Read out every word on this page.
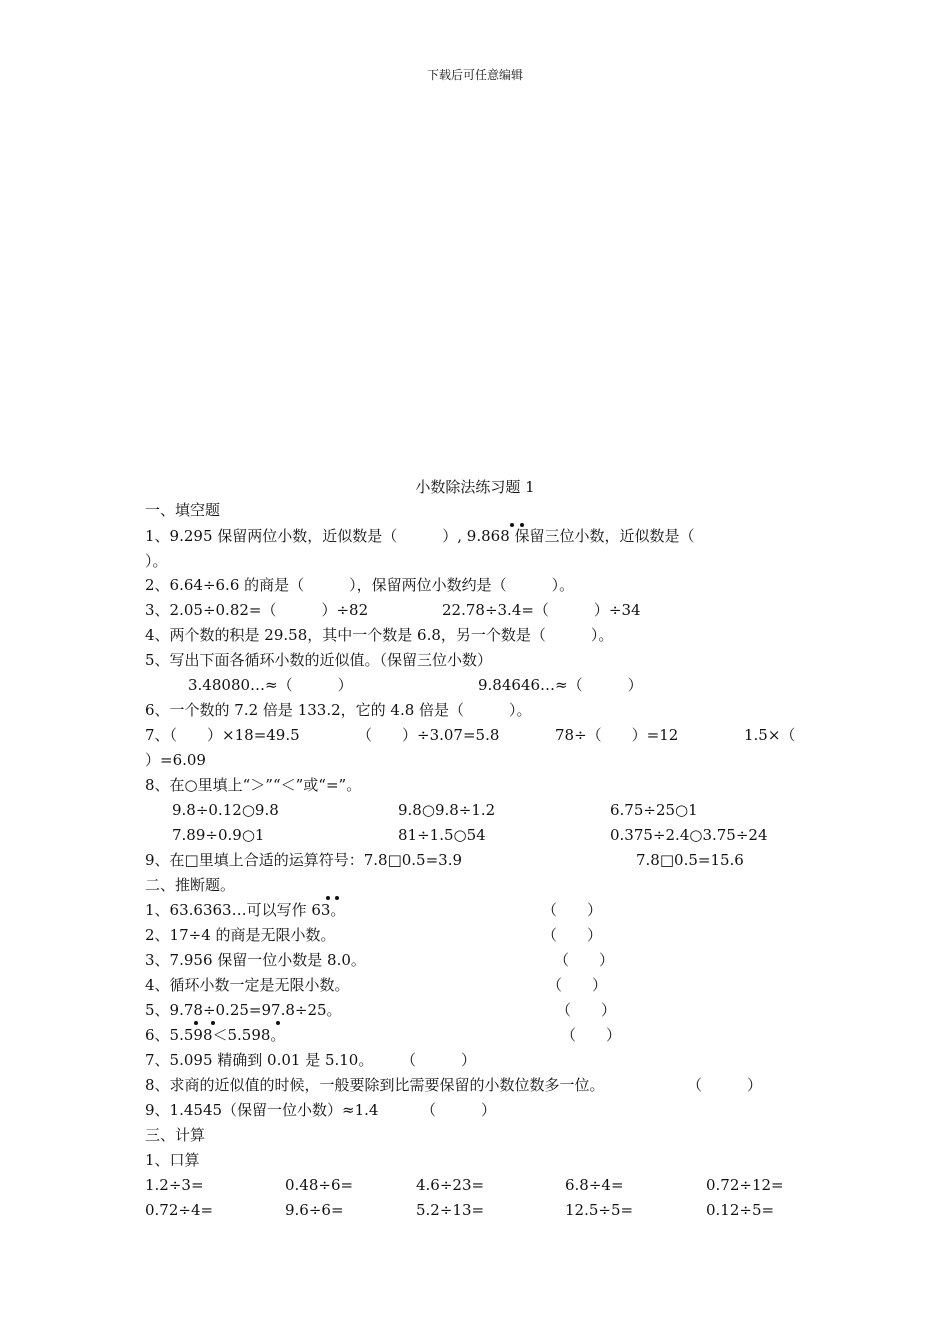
下载后可任意编辑
小数除法练习题 1
一、填空题
1、9.295 保留两位小数，近似数是（　　　）, 9.868 保留三位小数，近似数是（
）。
2、6.64÷6.6 的商是（　　　），保留两位小数约是（　　　）。
3、2.05÷0.82=（　　　）÷82	22.78÷3.4=（　　　）÷34
4、两个数的积是 29.58，其中一个数是 6.8，另一个数是（　　　）。
5、写出下面各循环小数的近似值。（保留三位小数）
3.48080…≈（　　　）	9.84646…≈（　　　）
6、一个数的 7.2 倍是 133.2，它的 4.8 倍是（　　　）。
7、（　　）×18=49.5	（　　）÷3.07=5.8	78÷（　　）=12	1.5×（
）=6.09
8、在○里填上“＞”“＜”或“=”。
9.8÷0.12○9.8	9.8○9.8÷1.2	6.75÷25○1
7.89÷0.9○1	81÷1.5○54	0.375÷2.4○3.75÷24
9、在□里填上合适的运算符号：7.8□0.5=3.9	7.8□0.5=15.6
二、推断题。
1、63.6363…可以写作 63。	（　　）
2、17÷4 的商是无限小数。	（　　）
3、7.956 保留一位小数是 8.0。	（　　）
4、循环小数一定是无限小数。	（　　）
5、9.78÷0.25=97.8÷25。	（　　）
6、5.598＜5.598。	（　　）
7、5.095 精确到 0.01 是 5.10。 （　　　）
8、求商的近似值的时候，一般要除到比需要保留的小数位数多一位。	（　　　）
9、1.4545（保留一位小数）≈1.4	（　　　）
三、计算
1、口算
1.2÷3=	0.48÷6=	4.6÷23=	6.8÷4=	0.72÷12=
0.72÷4=	9.6÷6=	5.2÷13=	12.5÷5=	0.12÷5=
